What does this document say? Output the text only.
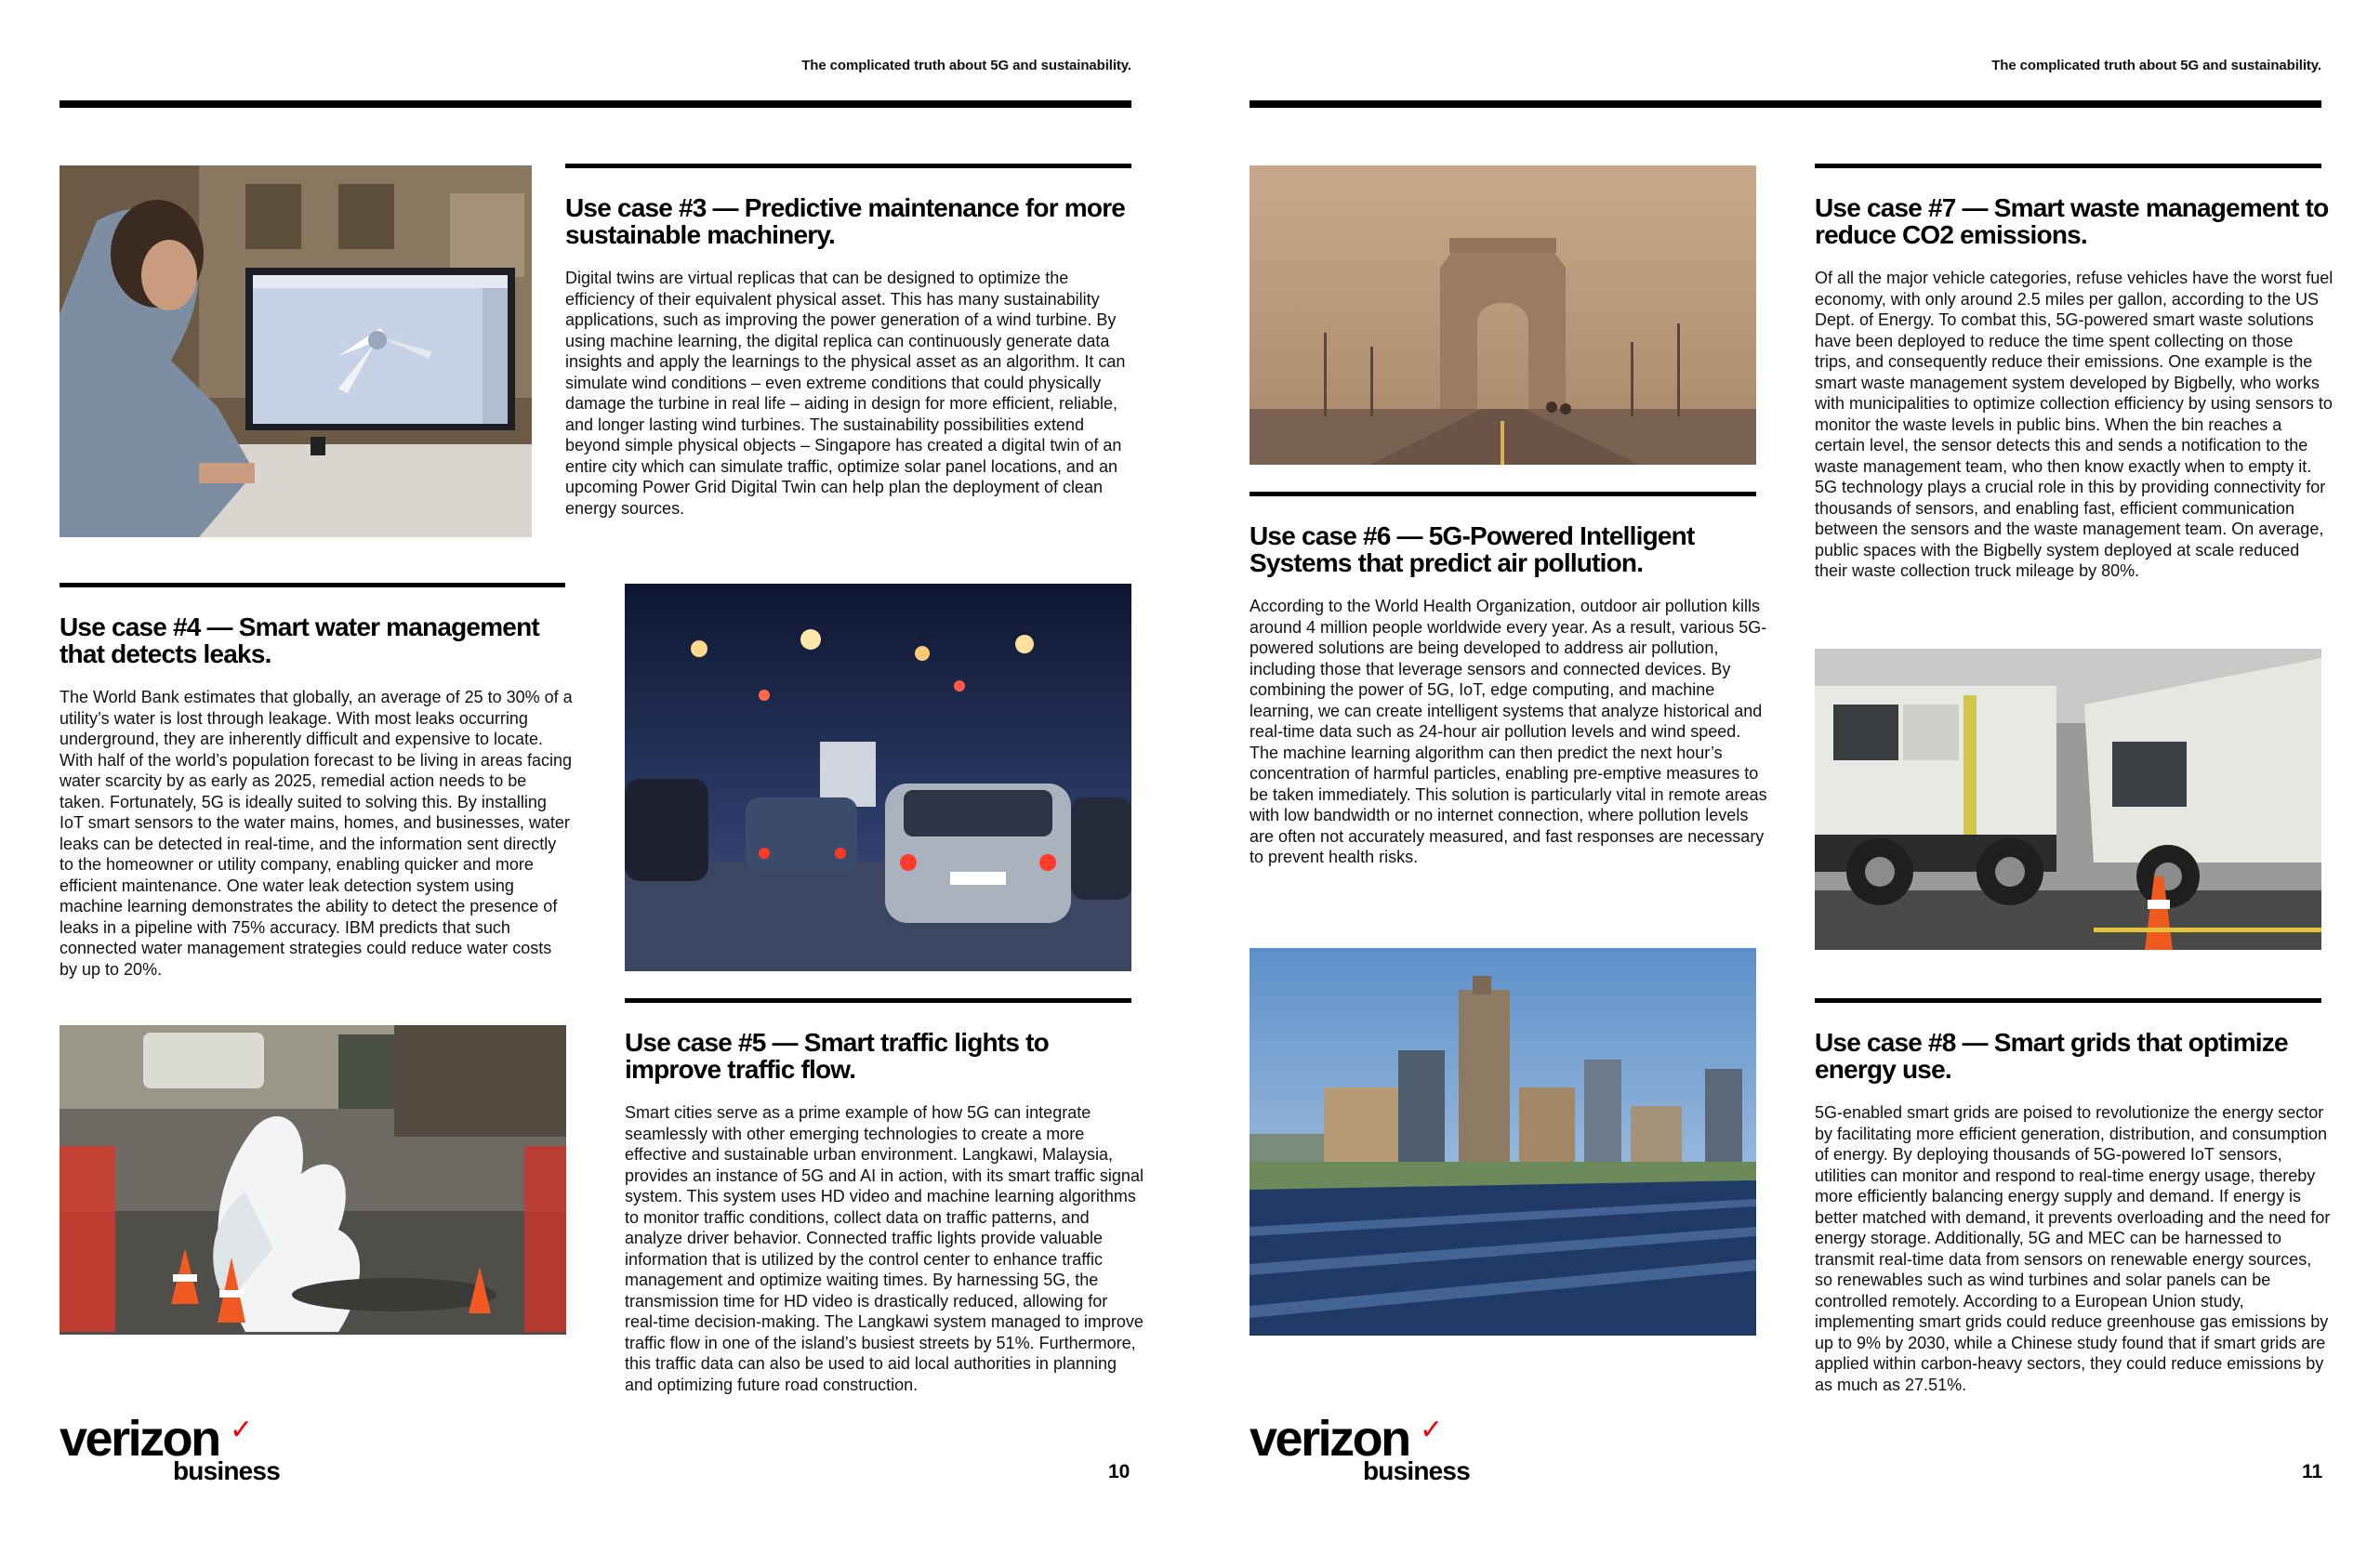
The complicated truth about 5G and sustainability.
Use case #3 — Predictive maintenance for more sustainable machinery.

Digital twins are virtual replicas that can be designed to optimize the efficiency of their equivalent physical asset. This has many sustainability applications, such as improving the power generation of a wind turbine. By using machine learning, the digital replica can continuously generate data insights and apply the learnings to the physical asset as an algorithm. It can simulate wind conditions – even extreme conditions that could physically damage the turbine in real life – aiding in design for more efficient, reliable, and longer lasting wind turbines. The sustainability possibilities extend beyond simple physical objects – Singapore has created a digital twin of an entire city which can simulate traffic, optimize solar panel locations, and an upcoming Power Grid Digital Twin can help plan the deployment of clean energy sources.

Use case #4 — Smart water management that detects leaks.

The World Bank estimates that globally, an average of 25 to 30% of a utility’s water is lost through leakage. With most leaks occurring underground, they are inherently difficult and expensive to locate. With half of the world’s population forecast to be living in areas facing water scarcity by as early as 2025, remedial action needs to be taken. Fortunately, 5G is ideally suited to solving this. By installing IoT smart sensors to the water mains, homes, and businesses, water leaks can be detected in real-time, and the information sent directly to the homeowner or utility company, enabling quicker and more efficient maintenance. One water leak detection system using machine learning demonstrates the ability to detect the presence of leaks in a pipeline with 75% accuracy. IBM predicts that such connected water management strategies could reduce water costs by up to 20%.

Use case #5 — Smart traffic lights to improve traffic flow.

Smart cities serve as a prime example of how 5G can integrate seamlessly with other emerging technologies to create a more effective and sustainable urban environment. Langkawi, Malaysia, provides an instance of 5G and AI in action, with its smart traffic signal system. This system uses HD video and machine learning algorithms to monitor traffic conditions, collect data on traffic patterns, and analyze driver behavior. Connected traffic lights provide valuable information that is utilized by the control center to enhance traffic management and optimize waiting times. By harnessing 5G, the transmission time for HD video is drastically reduced, allowing for real-time decision-making. The Langkawi system managed to improve traffic flow in one of the island’s busiest streets by 51%. Furthermore, this traffic data can also be used to aid local authorities in planning and optimizing future road construction.

verizon ✓
business	10
The complicated truth about 5G and sustainability.
Use case #6 — 5G-Powered Intelligent Systems that predict air pollution.

According to the World Health Organization, outdoor air pollution kills around 4 million people worldwide every year. As a result, various 5G-powered solutions are being developed to address air pollution, including those that leverage sensors and connected devices. By combining the power of 5G, IoT, edge computing, and machine learning, we can create intelligent systems that analyze historical and real-time data such as 24-hour air pollution levels and wind speed. The machine learning algorithm can then predict the next hour’s concentration of harmful particles, enabling pre-emptive measures to be taken immediately. This solution is particularly vital in remote areas with low bandwidth or no internet connection, where pollution levels are often not accurately measured, and fast responses are necessary to prevent health risks.

Use case #7 — Smart waste management to reduce CO2 emissions.

Of all the major vehicle categories, refuse vehicles have the worst fuel economy, with only around 2.5 miles per gallon, according to the US Dept. of Energy. To combat this, 5G-powered smart waste solutions have been deployed to reduce the time spent collecting on those trips, and consequently reduce their emissions. One example is the smart waste management system developed by Bigbelly, who works with municipalities to optimize collection efficiency by using sensors to monitor the waste levels in public bins. When the bin reaches a certain level, the sensor detects this and sends a notification to the waste management team, who then know exactly when to empty it. 5G technology plays a crucial role in this by providing connectivity for thousands of sensors, and enabling fast, efficient communication between the sensors and the waste management team. On average, public spaces with the Bigbelly system deployed at scale reduced their waste collection truck mileage by 80%.

Use case #8 — Smart grids that optimize energy use.

5G-enabled smart grids are poised to revolutionize the energy sector by facilitating more efficient generation, distribution, and consumption of energy. By deploying thousands of 5G-powered IoT sensors, utilities can monitor and respond to real-time energy usage, thereby more efficiently balancing energy supply and demand. If energy is better matched with demand, it prevents overloading and the need for energy storage. Additionally, 5G and MEC can be harnessed to transmit real-time data from sensors on renewable energy sources, so renewables such as wind turbines and solar panels can be controlled remotely. According to a European Union study, implementing smart grids could reduce greenhouse gas emissions by up to 9% by 2030, while a Chinese study found that if smart grids are applied within carbon-heavy sectors, they could reduce emissions by as much as 27.51%.

verizon ✓
business	11
